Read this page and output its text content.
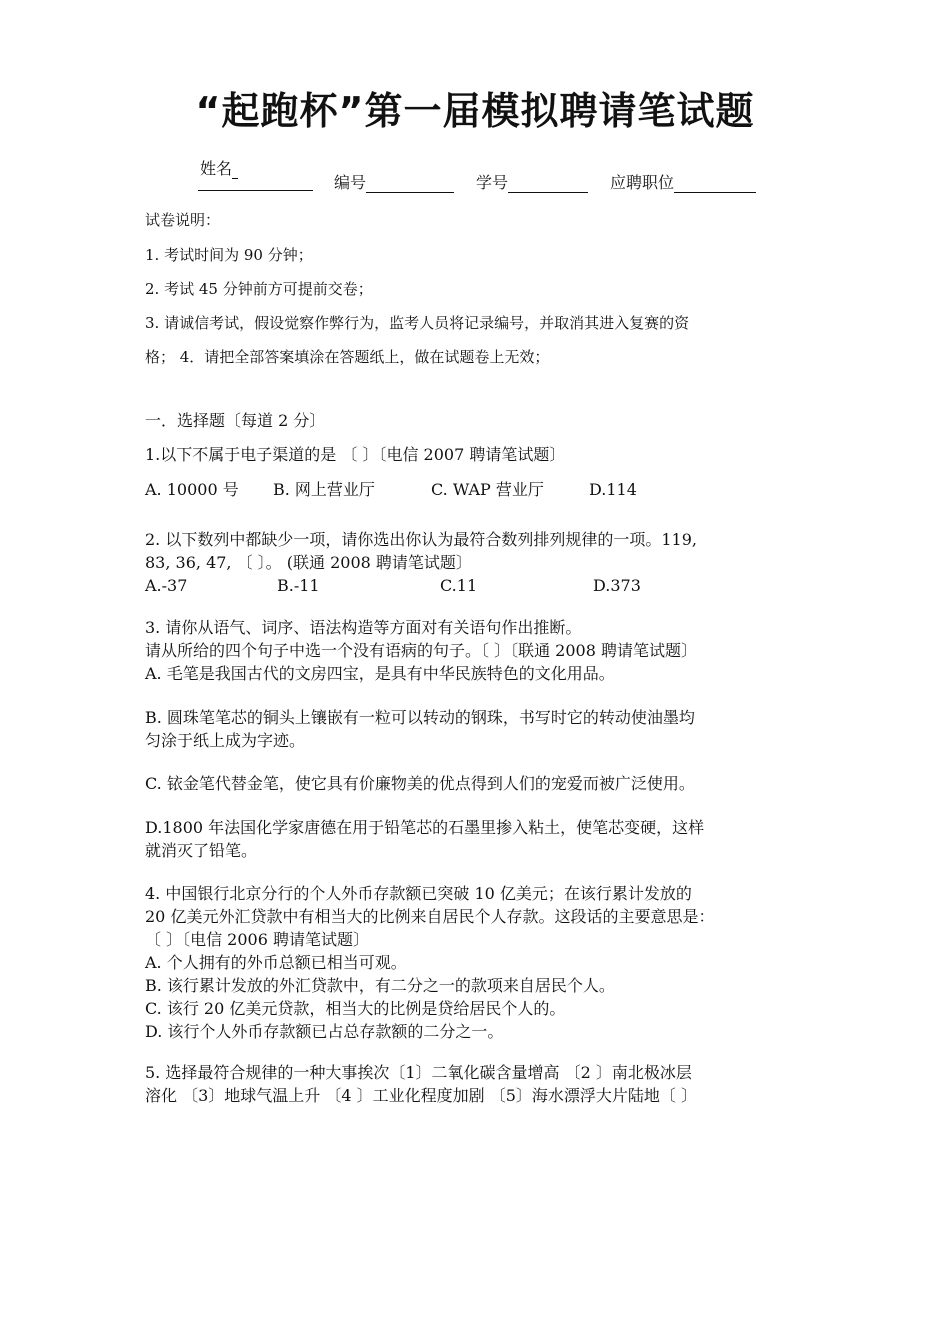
“起跑杯”第一届模拟聘请笔试题
姓名
编号	学号	应聘职位

试卷说明：

1. 考试时间为 90 分钟；

2. 考试 45 分钟前方可提前交卷；

3. 请诚信考试，假设觉察作弊行为，监考人员将记录编号，并取消其进入复赛的资

格； 4．请把全部答案填涂在答题纸上，做在试题卷上无效；

一．选择题〔每道 2 分〕

1.以下不属于电子渠道的是 〔 〕〔电信 2007 聘请笔试题〕

A. 10000 号 B. 网上营业厅	C. WAP 营业厅	D.114

2. 以下数列中都缺少一项，请你选出你认为最符合数列排列规律的一项。119,

83, 36, 47, 〔 〕。 (联通 2008 聘请笔试题〕

A.-37	B.-11	C.11	D.373

3. 请你从语气、词序、语法构造等方面对有关语句作出推断。

请从所给的四个句子中选一个没有语病的句子。〔 〕〔联通 2008 聘请笔试题〕

A. 毛笔是我国古代的文房四宝，是具有中华民族特色的文化用品。

B. 圆珠笔笔芯的铜头上镶嵌有一粒可以转动的钢珠，书写时它的转动使油墨均

匀涂于纸上成为字迹。

C. 铱金笔代替金笔，使它具有价廉物美的优点得到人们的宠爱而被广泛使用。

D.1800 年法国化学家唐德在用于铅笔芯的石墨里掺入粘土，使笔芯变硬，这样

就消灭了铅笔。

4. 中国银行北京分行的个人外币存款额已突破 10 亿美元；在该行累计发放的

20 亿美元外汇贷款中有相当大的比例来自居民个人存款。这段话的主要意思是：

〔 〕〔电信 2006 聘请笔试题〕

A. 个人拥有的外币总额已相当可观。

B. 该行累计发放的外汇贷款中，有二分之一的款项来自居民个人。

C. 该行 20 亿美元贷款，相当大的比例是贷给居民个人的。

D. 该行个人外币存款额已占总存款额的二分之一。

5. 选择最符合规律的一种大事挨次〔1〕二氧化碳含量增高 〔2 〕南北极冰层

溶化 〔3〕地球气温上升 〔4 〕工业化程度加剧 〔5〕海水漂浮大片陆地〔 〕
